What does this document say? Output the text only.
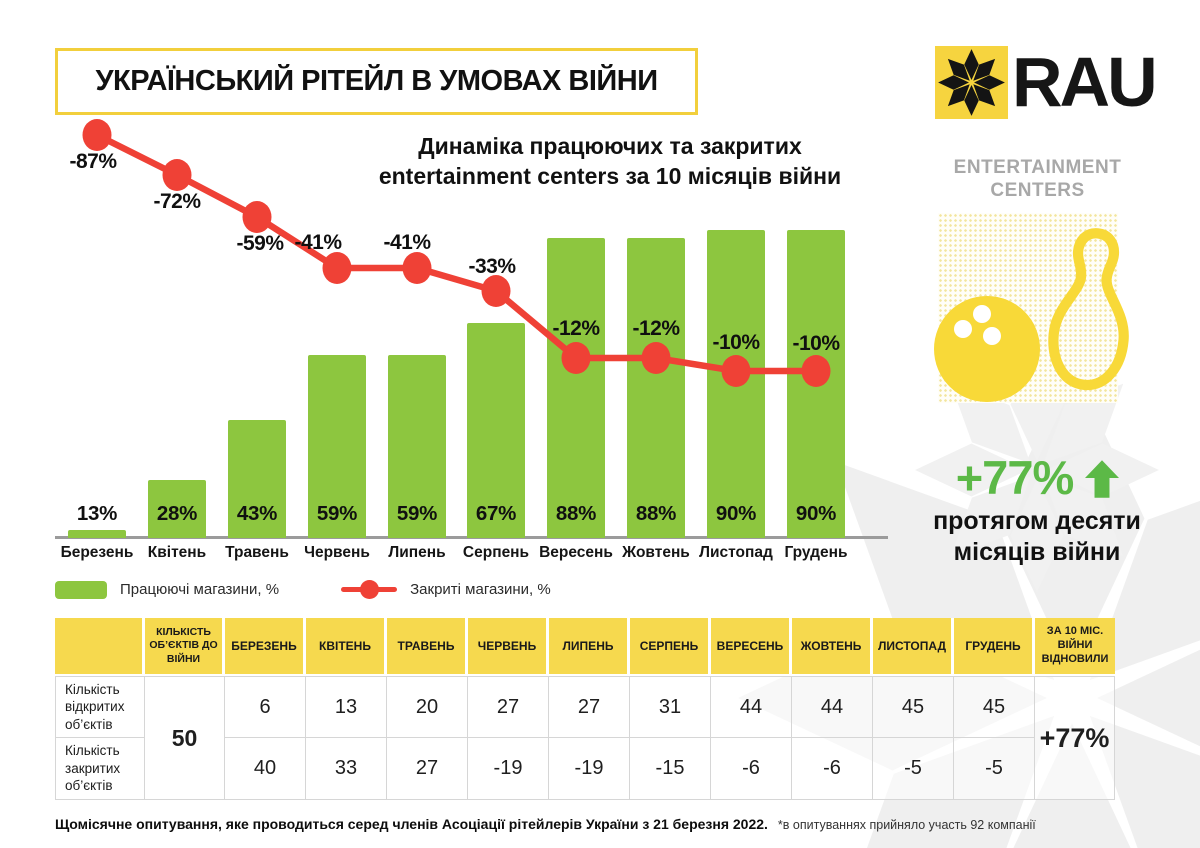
УКРАЇНСЬКИЙ РІТЕЙЛ В УМОВАХ ВІЙНИ	RAU
Динаміка працюючих та закритих
entertainment centers за 10 місяців війни
-87%
-72%
-59% -41%	-41%
-33%
-12%	-12%
-10%	-10%
13%	28%	43%	59%	59%	67%	88%	88%	90%	90%
Березень Квітень	Травень Червень	Липень	Серпень Вересень Жовтень Листопад Грудень
Працюючі магазини, %	Закриті магазини, %
ENTERTAINMENT CENTERS
+77%
протягом десяти місяців війни
КІЛЬКІСТЬ ОБ’ЄКТІВ ДО ВІЙНИ
БЕРЕЗЕНЬ	КВІТЕНЬ	ТРАВЕНЬ	ЧЕРВЕНЬ	ЛИПЕНЬ	СЕРПЕНЬ	ВЕРЕСЕНЬ	ЖОВТЕНЬ	ЛИСТОПАД	ГРУДЕНЬ
ЗА 10 МІС. ВІЙНИ ВІДНОВИЛИ
Кількість відкритих об’єктів
50
6	13	20	27	27	31	44	44	45	45
+77%
Кількість закритих об’єктів
40	33	27	-19	-19	-15	-6	-6	-5	-5
Щомісячне опитування, яке проводиться серед членів Асоціації рітейлерів України з 21 березня 2022. *в опитуваннях прийняло участь 92 компанії
